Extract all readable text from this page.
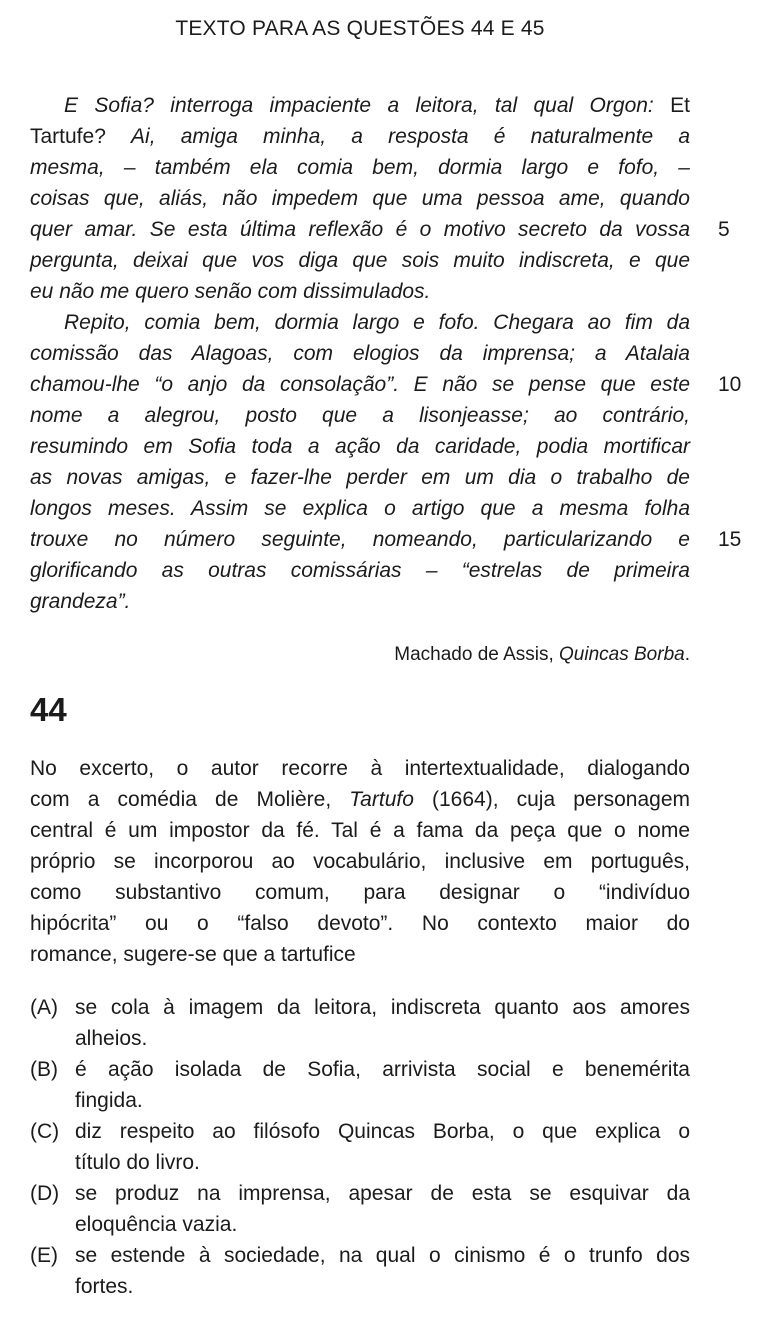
TEXTO PARA AS QUESTÕES 44 E 45
E Sofia? interroga impaciente a leitora, tal qual Orgon: Et
Tartufe? Ai, amiga minha, a resposta é naturalmente a
mesma, – também ela comia bem, dormia largo e fofo, –
coisas que, aliás, não impedem que uma pessoa ame, quando
quer amar. Se esta última reflexão é o motivo secreto da vossa
pergunta, deixai que vos diga que sois muito indiscreta, e que
eu não me quero senão com dissimulados.
Repito, comia bem, dormia largo e fofo. Chegara ao fim da
comissão das Alagoas, com elogios da imprensa; a Atalaia
chamou-lhe “o anjo da consolação”. E não se pense que este
nome a alegrou, posto que a lisonjeasse; ao contrário,
resumindo em Sofia toda a ação da caridade, podia mortificar
as novas amigas, e fazer-lhe perder em um dia o trabalho de
longos meses. Assim se explica o artigo que a mesma folha
trouxe no número seguinte, nomeando, particularizando e
glorificando as outras comissárias – “estrelas de primeira
grandeza”.
5
10
15
Machado de Assis, Quincas Borba.
44
No excerto, o autor recorre à intertextualidade, dialogando
com a comédia de Molière, Tartufo (1664), cuja personagem
central é um impostor da fé. Tal é a fama da peça que o nome
próprio se incorporou ao vocabulário, inclusive em português,
como substantivo comum, para designar o “indivíduo
hipócrita” ou o “falso devoto”. No contexto maior do
romance, sugere-se que a tartufice
(A) se cola à imagem da leitora, indiscreta quanto aos amores
alheios.
(B) é ação isolada de Sofia, arrivista social e benemérita
fingida.
(C) diz respeito ao filósofo Quincas Borba, o que explica o
título do livro.
(D) se produz na imprensa, apesar de esta se esquivar da
eloquência vazia.
(E) se estende à sociedade, na qual o cinismo é o trunfo dos
fortes.
